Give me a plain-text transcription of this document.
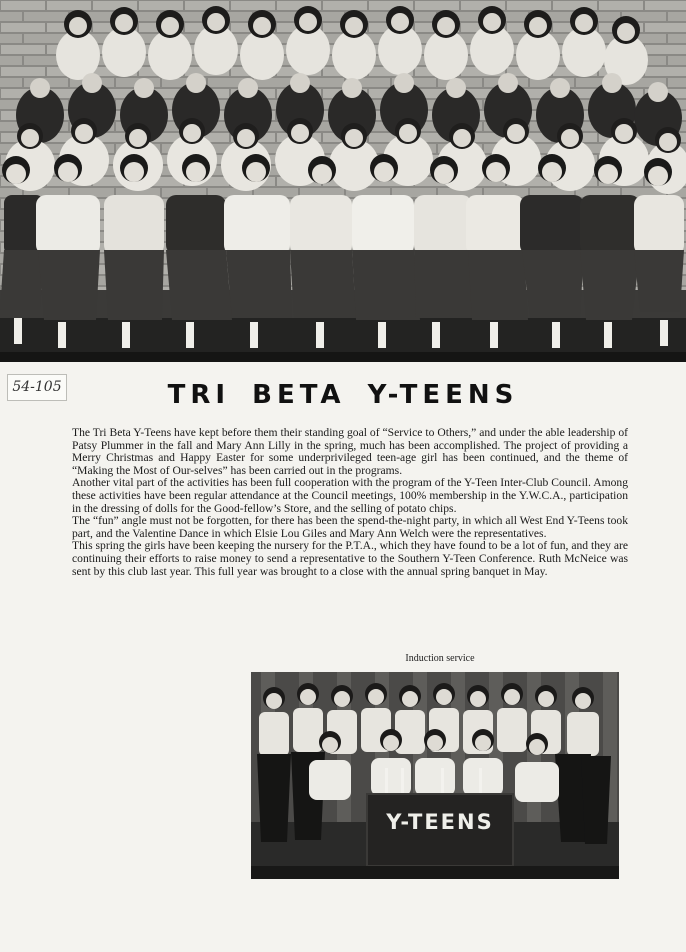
54-105	TRI BETA Y-TEENS

The Tri Beta Y-Teens have kept before them their standing goal of “Service to Others,” and under the able leadership of Patsy Plummer in the fall and Mary Ann Lilly in the spring, much has been accomplished. The project of providing a Merry Christmas and Happy Easter for some underprivileged teen-age girl has been continued, and the theme of “Making the Most of Our-selves” has been carried out in the programs.

Another vital part of the activities has been full cooperation with the program of the Y-Teen Inter-Club Council. Among these activities have been regular attendance at the Council meetings, 100% membership in the Y.W.C.A., participation in the dressing of dolls for the Good-fellow’s Store, and the selling of potato chips.

The “fun” angle must not be forgotten, for there has been the spend-the-night party, in which all West End Y-Teens took part, and the Valentine Dance in which Elsie Lou Giles and Mary Ann Welch were the representatives.

This spring the girls have been keeping the nursery for the P.T.A., which they have found to be a lot of fun, and they are continuing their efforts to raise money to send a representative to the Southern Y-Teen Conference. Ruth McNeice was sent by this club last year. This full year was brought to a close with the annual spring banquet in May.

Induction service

Y-TEENS
